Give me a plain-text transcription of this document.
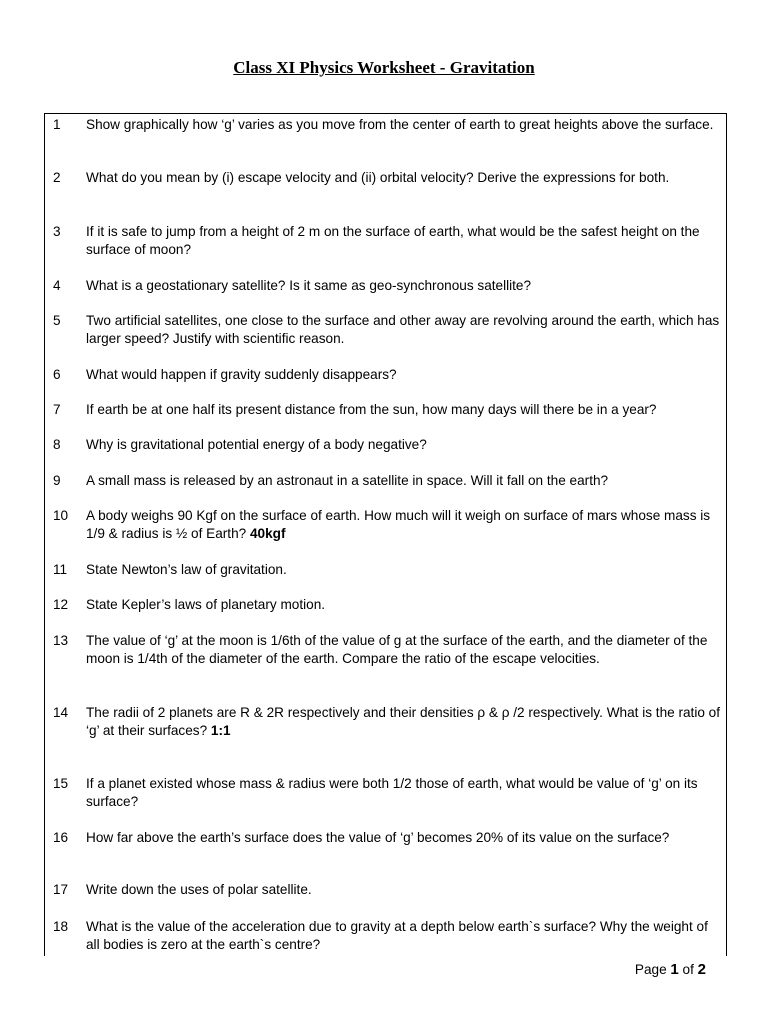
Class XI Physics Worksheet - Gravitation
1 Show graphically how ‘g’ varies as you move from the center of earth to great heights above the surface.
2 What do you mean by (i) escape velocity and (ii) orbital velocity? Derive the expressions for both.
3 If it is safe to jump from a height of 2 m on the surface of earth, what would be the safest height on the surface of moon?
4 What is a geostationary satellite? Is it same as geo-synchronous satellite?
5 Two artificial satellites, one close to the surface and other away are revolving around the earth, which has larger speed? Justify with scientific reason.
6 What would happen if gravity suddenly disappears?
7 If earth be at one half its present distance from the sun, how many days will there be in a year?
8 Why is gravitational potential energy of a body negative?
9 A small mass is released by an astronaut in a satellite in space. Will it fall on the earth?
10 A body weighs 90 Kgf on the surface of earth. How much will it weigh on surface of mars whose mass is 1/9 & radius is ½ of Earth? 40kgf
11 State Newton’s law of gravitation.
12 State Kepler’s laws of planetary motion.
13 The value of ‘g’ at the moon is 1/6th of the value of g at the surface of the earth, and the diameter of the moon is 1/4th of the diameter of the earth. Compare the ratio of the escape velocities.
14 The radii of 2 planets are R & 2R respectively and their densities ρ & ρ /2 respectively. What is the ratio of ‘g’ at their surfaces? 1:1
15 If a planet existed whose mass & radius were both 1/2 those of earth, what would be value of ‘g’ on its surface?
16 How far above the earth’s surface does the value of ‘g’ becomes 20% of its value on the surface?
17 Write down the uses of polar satellite.
18 What is the value of the acceleration due to gravity at a depth below earth`s surface? Why the weight of all bodies is zero at the earth`s centre?
Page 1 of 2
